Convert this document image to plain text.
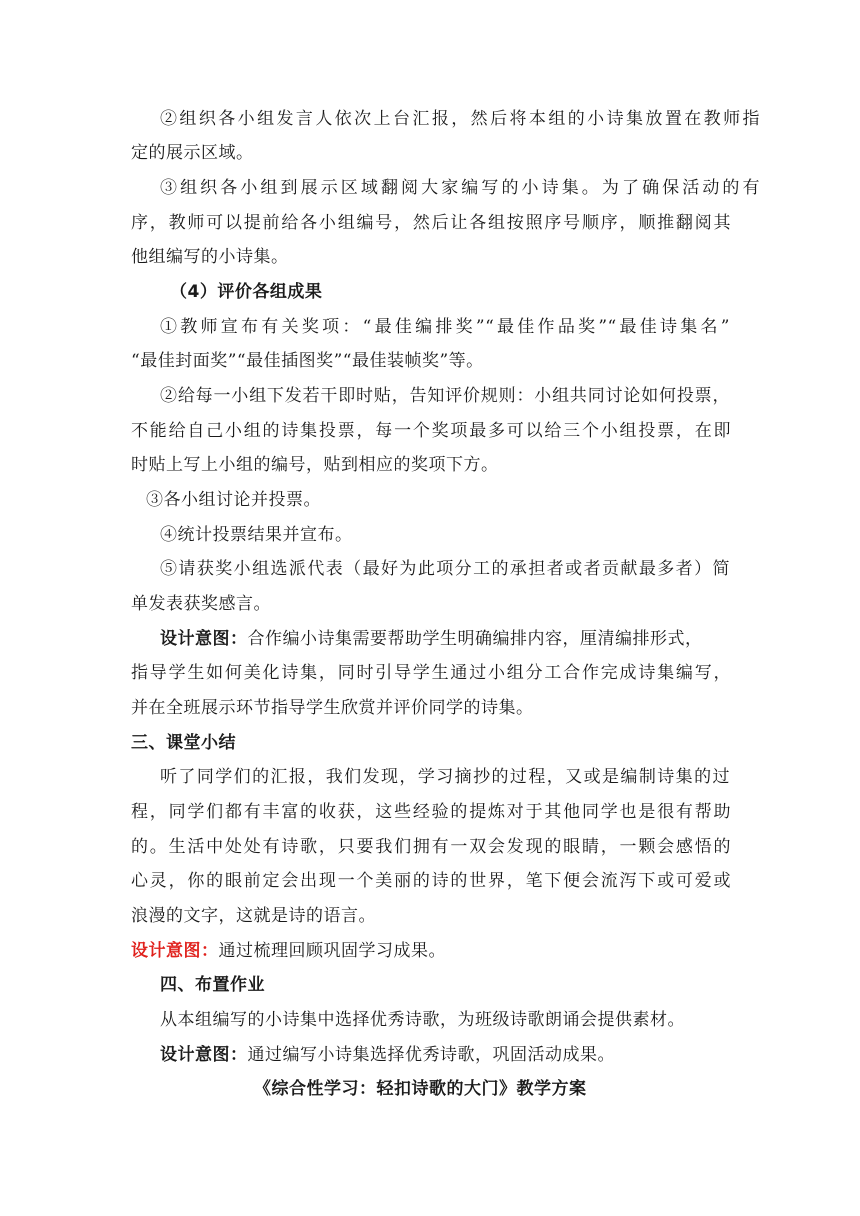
②组织各小组发言人依次上台汇报，然后将本组的小诗集放置在教师指
定的展示区域。
③组织各小组到展示区域翻阅大家编写的小诗集。为了确保活动的有
序，教师可以提前给各小组编号，然后让各组按照序号顺序，顺推翻阅其
他组编写的小诗集。
（4）评价各组成果
①教师宣布有关奖项：“最佳编排奖”“最佳作品奖”“最佳诗集名”
“最佳封面奖”“最佳插图奖”“最佳装帧奖”等。
②给每一小组下发若干即时贴，告知评价规则：小组共同讨论如何投票，
不能给自己小组的诗集投票，每一个奖项最多可以给三个小组投票，在即
时贴上写上小组的编号，贴到相应的奖项下方。
③各小组讨论并投票。
④统计投票结果并宣布。
⑤请获奖小组选派代表（最好为此项分工的承担者或者贡献最多者）简
单发表获奖感言。
设计意图：合作编小诗集需要帮助学生明确编排内容，厘清编排形式，
指导学生如何美化诗集，同时引导学生通过小组分工合作完成诗集编写，
并在全班展示环节指导学生欣赏并评价同学的诗集。
三、课堂小结
听了同学们的汇报，我们发现，学习摘抄的过程，又或是编制诗集的过
程，同学们都有丰富的收获，这些经验的提炼对于其他同学也是很有帮助
的。生活中处处有诗歌，只要我们拥有一双会发现的眼睛，一颗会感悟的
心灵，你的眼前定会出现一个美丽的诗的世界，笔下便会流泻下或可爱或
浪漫的文字，这就是诗的语言。
设计意图：通过梳理回顾巩固学习成果。
四、布置作业
从本组编写的小诗集中选择优秀诗歌，为班级诗歌朗诵会提供素材。
设计意图：通过编写小诗集选择优秀诗歌，巩固活动成果。
《综合性学习：轻扣诗歌的大门》教学方案
